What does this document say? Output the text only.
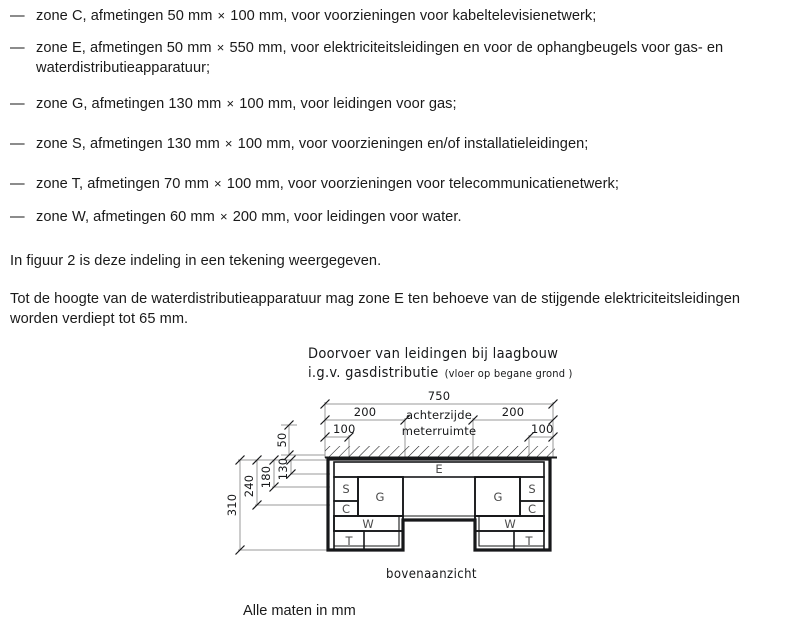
— zone C, afmetingen 50 mm × 100 mm, voor voorzieningen voor kabeltelevisienetwerk;
— zone E, afmetingen 50 mm × 550 mm, voor elektriciteitsleidingen en voor de ophangbeugels voor gas- en waterdistributieapparatuur;
— zone G, afmetingen 130 mm × 100 mm, voor leidingen voor gas;
— zone S, afmetingen 130 mm × 100 mm, voor voorzieningen en/of installatieleidingen;
— zone T, afmetingen 70 mm × 100 mm, voor voorzieningen voor telecommunicatienetwerk;
— zone W, afmetingen 60 mm × 200 mm, voor leidingen voor water.
In figuur 2 is deze indeling in een tekening weergegeven.
Tot de hoogte van de waterdistributieapparatuur mag zone E ten behoeve van de stijgende elektriciteitsleidingen worden verdiept tot 65 mm.
Doorvoer van leidingen bij laagbouw
i.g.v. gasdistributie (vloer op begane grond )
750
200	200
100	100
50
achterzijde
meterruimte
310
240 180 130	E
S
C
G
W
T
S
C
G
W
T
bovenaanzicht
Alle maten in mm
